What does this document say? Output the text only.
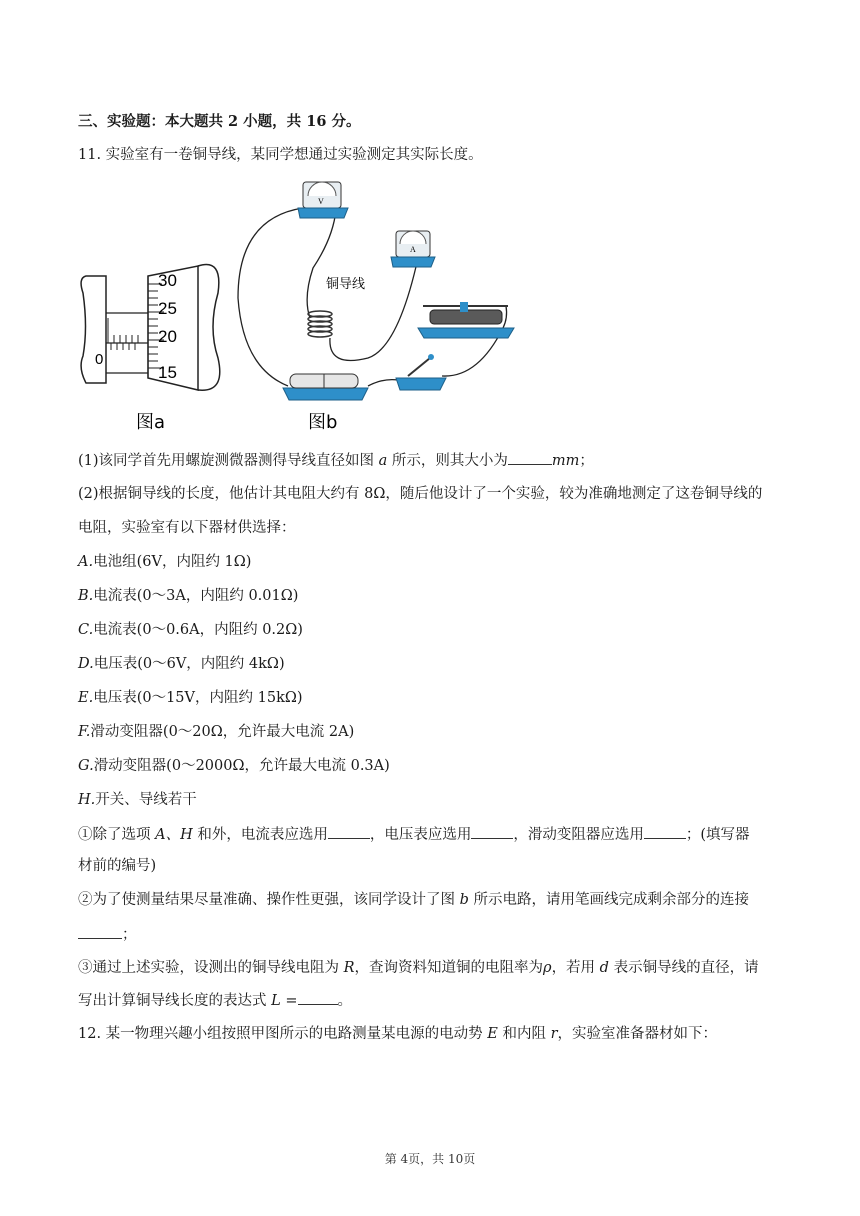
三、实验题：本大题共 2 小题，共 16 分。
11. 实验室有一卷铜导线，某同学想通过实验测定其实际长度。
0
30
25
20
15
图a
V
A
铜导线
图b
(1)该同学首先用螺旋测微器测得导线直径如图 a 所示，则其大小为	mm；
(2)根据铜导线的长度，他估计其电阻大约有 8Ω，随后他设计了一个实验，较为准确地测定了这卷铜导线的
电阻，实验室有以下器材供选择：
A.电池组(6V，内阻约 1Ω)
B.电流表(0～3A，内阻约 0.01Ω)
C.电流表(0～0.6A，内阻约 0.2Ω)
D.电压表(0～6V，内阻约 4kΩ)
E.电压表(0～15V，内阻约 15kΩ)
F.滑动变阻器(0～20Ω，允许最大电流 2A)
G.滑动变阻器(0～2000Ω，允许最大电流 0.3A)
H.开关、导线若干
①除了选项 A、H 和外，电流表应选用	，电压表应选用	，滑动变阻器应选用	；(填写器
材前的编号)
②为了使测量结果尽量准确、操作性更强，该同学设计了图 b 所示电路，请用笔画线完成剩余部分的连接
；
③通过上述实验，设测出的铜导线电阻为 R，查询资料知道铜的电阻率为ρ，若用 d 表示铜导线的直径，请
写出计算铜导线长度的表达式 L =	。
12. 某一物理兴趣小组按照甲图所示的电路测量某电源的电动势 E 和内阻 r，实验室准备器材如下：
第 4页，共 10页
